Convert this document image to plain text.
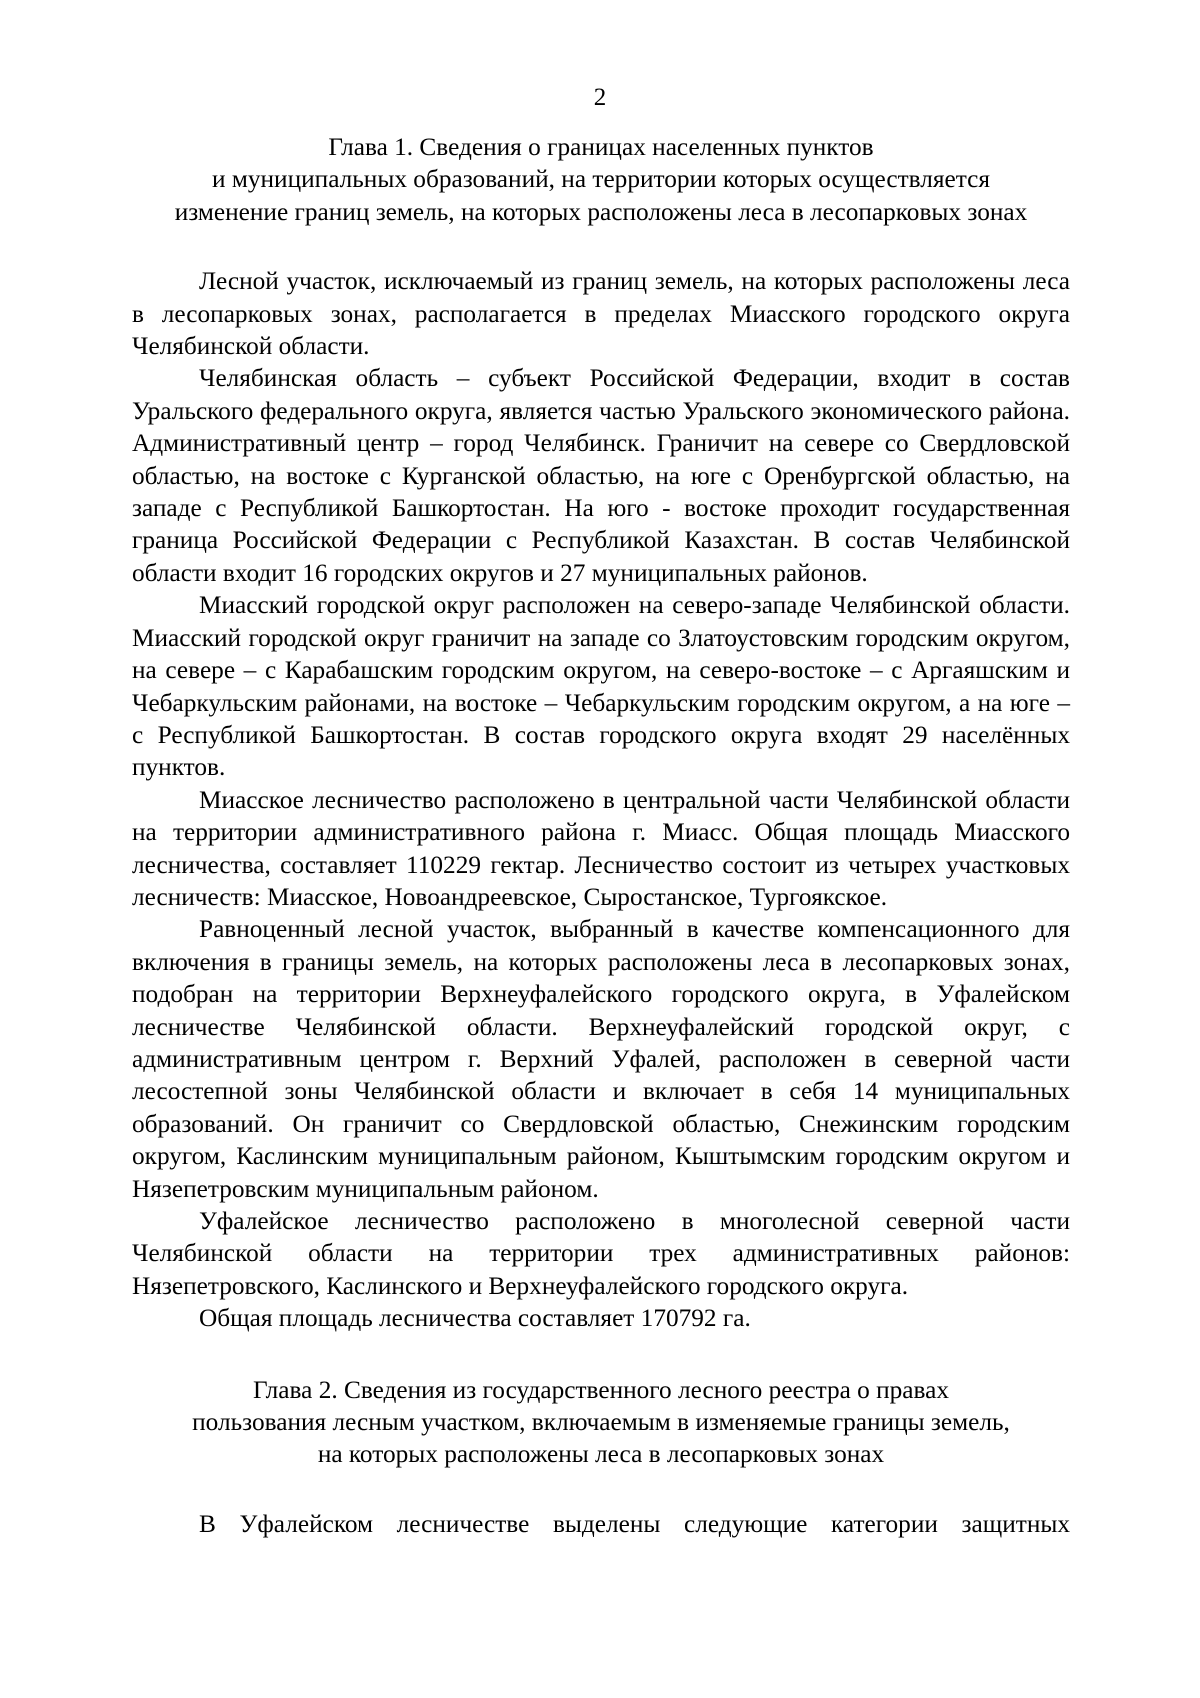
2
Глава 1. Сведения о границах населенных пунктов
и муниципальных образований, на территории которых осуществляется
изменение границ земель, на которых расположены леса в лесопарковых зонах

Лесной участок, исключаемый из границ земель, на которых расположены леса в лесопарковых зонах, располагается в пределах Миасского городского округа Челябинской области.

Челябинская область – субъект Российской Федерации, входит в состав Уральского федерального округа, является частью Уральского экономического района. Административный центр – город Челябинск. Граничит на севере со Свердловской областью, на востоке с Курганской областью, на юге с Оренбургской областью, на западе с Республикой Башкортостан. На юго - востоке проходит государственная граница Российской Федерации с Республикой Казахстан. В состав Челябинской области входит 16 городских округов и 27 муниципальных районов.

Миасский городской округ расположен на северо-западе Челябинской области. Миасский городской округ граничит на западе со Златоустовским городским округом, на севере – с Карабашским городским округом, на северо-востоке – с Аргаяшским и Чебаркульским районами, на востоке – Чебаркульским городским округом, а на юге – с Республикой Башкортостан. В состав городского округа входят 29 населённых пунктов.

Миасское лесничество расположено в центральной части Челябинской области на территории административного района г. Миасс. Общая площадь Миасского лесничества, составляет 110229 гектар. Лесничество состоит из четырех участковых лесничеств: Миасское, Новоандреевское, Сыростанское, Тургоякское.

Равноценный лесной участок, выбранный в качестве компенсационного для включения в границы земель, на которых расположены леса в лесопарковых зонах, подобран на территории Верхнеуфалейского городского округа, в Уфалейском лесничестве Челябинской области. Верхнеуфалейский городской округ, с административным центром г. Верхний Уфалей, расположен в северной части лесостепной зоны Челябинской области и включает в себя 14 муниципальных образований. Он граничит со Свердловской областью, Снежинским городским округом, Каслинским муниципальным районом, Кыштымским городским округом и Нязепетровским муниципальным районом.

Уфалейское лесничество расположено в многолесной северной части Челябинской области на территории трех административных районов: Нязепетровского, Каслинского и Верхнеуфалейского городского округа.

Общая площадь лесничества составляет 170792 га.

Глава 2. Сведения из государственного лесного реестра о правах
пользования лесным участком, включаемым в изменяемые границы земель,
на которых расположены леса в лесопарковых зонах

В Уфалейском лесничестве выделены следующие категории защитных
